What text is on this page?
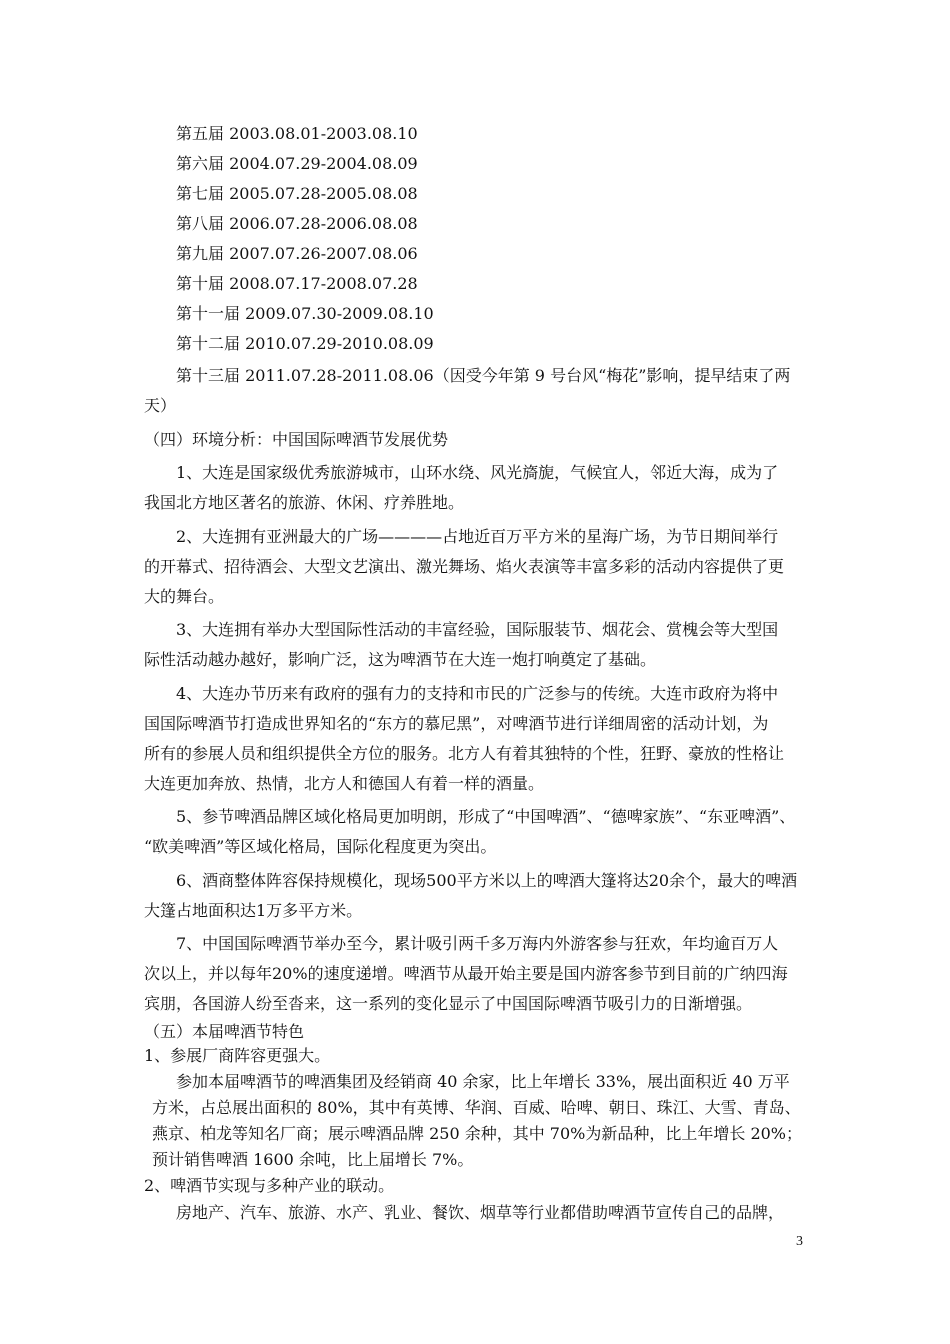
第五届 2003.08.01-2003.08.10
第六届 2004.07.29-2004.08.09
第七届 2005.07.28-2005.08.08
第八届 2006.07.28-2006.08.08
第九届 2007.07.26-2007.08.06
第十届 2008.07.17-2008.07.28
第十一届 2009.07.30-2009.08.10
第十二届 2010.07.29-2010.08.09
第十三届 2011.07.28-2011.08.06（因受今年第 9 号台风“梅花”影响，提早结束了两
天）
（四）环境分析：中国国际啤酒节发展优势
1、大连是国家级优秀旅游城市，山环水绕、风光旖旎，气候宜人，邻近大海，成为了
我国北方地区著名的旅游、休闲、疗养胜地。
2、大连拥有亚洲最大的广场————占地近百万平方米的星海广场，为节日期间举行
的开幕式、招待酒会、大型文艺演出、激光舞场、焰火表演等丰富多彩的活动内容提供了更
大的舞台。
3、大连拥有举办大型国际性活动的丰富经验，国际服装节、烟花会、赏槐会等大型国
际性活动越办越好，影响广泛，这为啤酒节在大连一炮打响奠定了基础。
4、大连办节历来有政府的强有力的支持和市民的广泛参与的传统。大连市政府为将中
国国际啤酒节打造成世界知名的“东方的慕尼黑”，对啤酒节进行详细周密的活动计划，为
所有的参展人员和组织提供全方位的服务。北方人有着其独特的个性，狂野、豪放的性格让
大连更加奔放、热情，北方人和德国人有着一样的酒量。
5、参节啤酒品牌区域化格局更加明朗，形成了“中国啤酒”、“德啤家族”、“东亚啤酒”、
“欧美啤酒”等区域化格局，国际化程度更为突出。
6、酒商整体阵容保持规模化，现场500平方米以上的啤酒大篷将达20余个，最大的啤酒
大篷占地面积达1万多平方米。
7、中国国际啤酒节举办至今，累计吸引两千多万海内外游客参与狂欢，年均逾百万人
次以上，并以每年20%的速度递增。啤酒节从最开始主要是国内游客参节到目前的广纳四海
宾朋，各国游人纷至沓来，这一系列的变化显示了中国国际啤酒节吸引力的日渐增强。
（五）本届啤酒节特色
1、参展厂商阵容更强大。
参加本届啤酒节的啤酒集团及经销商 40 余家，比上年增长 33%，展出面积近 40 万平
方米，占总展出面积的 80%，其中有英博、华润、百威、哈啤、朝日、珠江、大雪、青岛、
燕京、柏龙等知名厂商；展示啤酒品牌 250 余种，其中 70%为新品种，比上年增长 20%；
预计销售啤酒 1600 余吨，比上届增长 7%。
2、啤酒节实现与多种产业的联动。
房地产、汽车、旅游、水产、乳业、餐饮、烟草等行业都借助啤酒节宣传自己的品牌，
3
